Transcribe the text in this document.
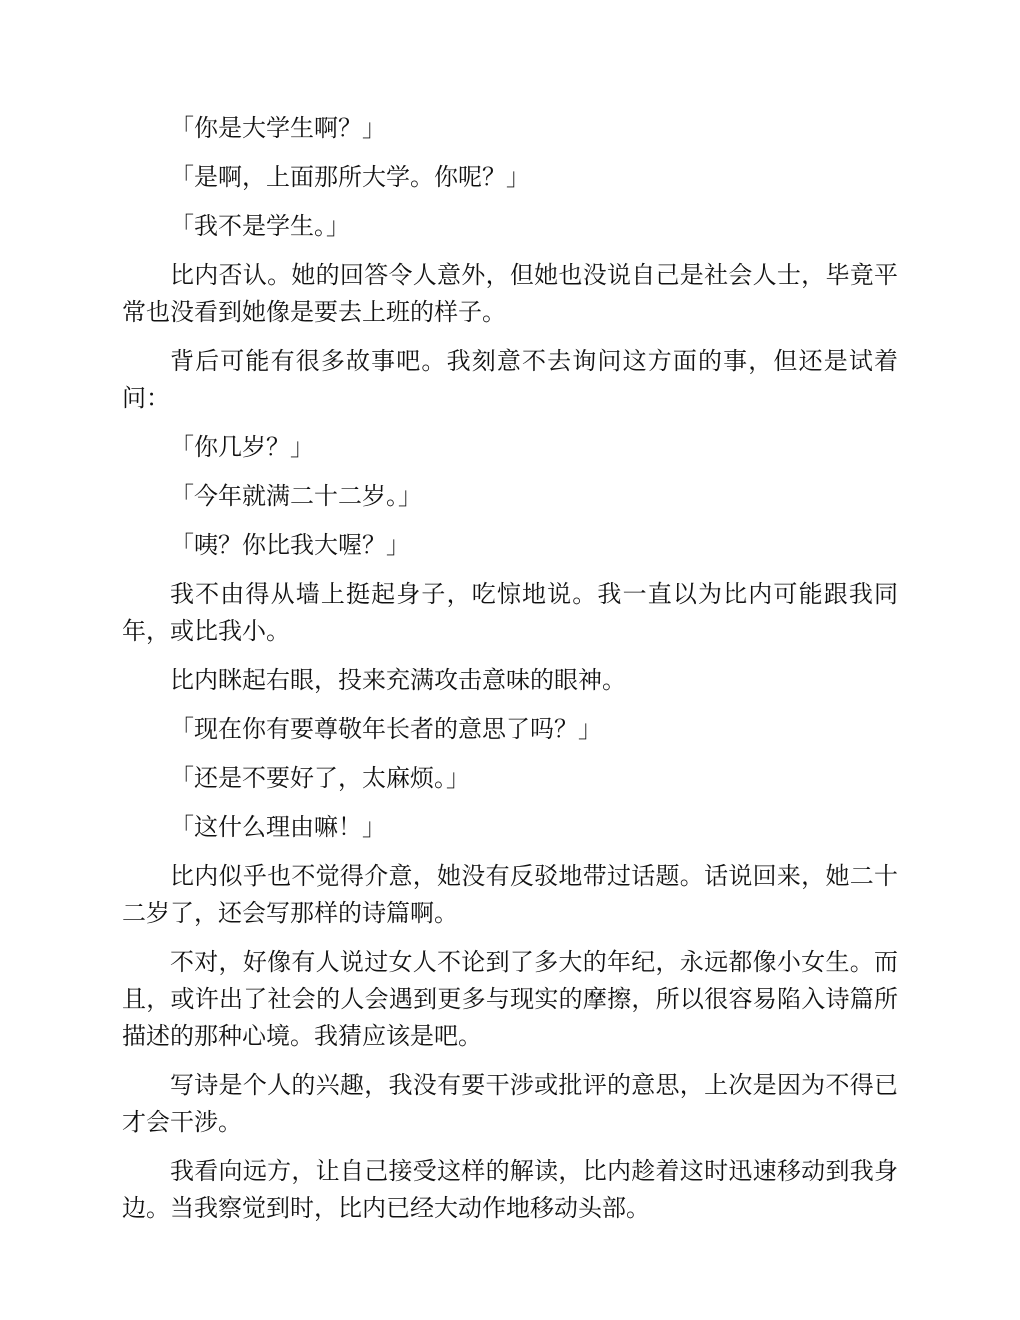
「你是大学生啊？」

「是啊，上面那所大学。你呢？」

「我不是学生。」

比内否认。她的回答令人意外，但她也没说自己是社会人士，毕竟平常也没看到她像是要去上班的样子。

背后可能有很多故事吧。我刻意不去询问这方面的事，但还是试着问：

「你几岁？」

「今年就满二十二岁。」

「咦？你比我大喔？」

我不由得从墙上挺起身子，吃惊地说。我一直以为比内可能跟我同年，或比我小。

比内眯起右眼，投来充满攻击意味的眼神。

「现在你有要尊敬年长者的意思了吗？」

「还是不要好了，太麻烦。」

「这什么理由嘛！」

比内似乎也不觉得介意，她没有反驳地带过话题。话说回来，她二十二岁了，还会写那样的诗篇啊。

不对，好像有人说过女人不论到了多大的年纪，永远都像小女生。而且，或许出了社会的人会遇到更多与现实的摩擦，所以很容易陷入诗篇所描述的那种心境。我猜应该是吧。

写诗是个人的兴趣，我没有要干涉或批评的意思，上次是因为不得已才会干涉。

我看向远方，让自己接受这样的解读，比内趁着这时迅速移动到我身边。当我察觉到时，比内已经大动作地移动头部。
